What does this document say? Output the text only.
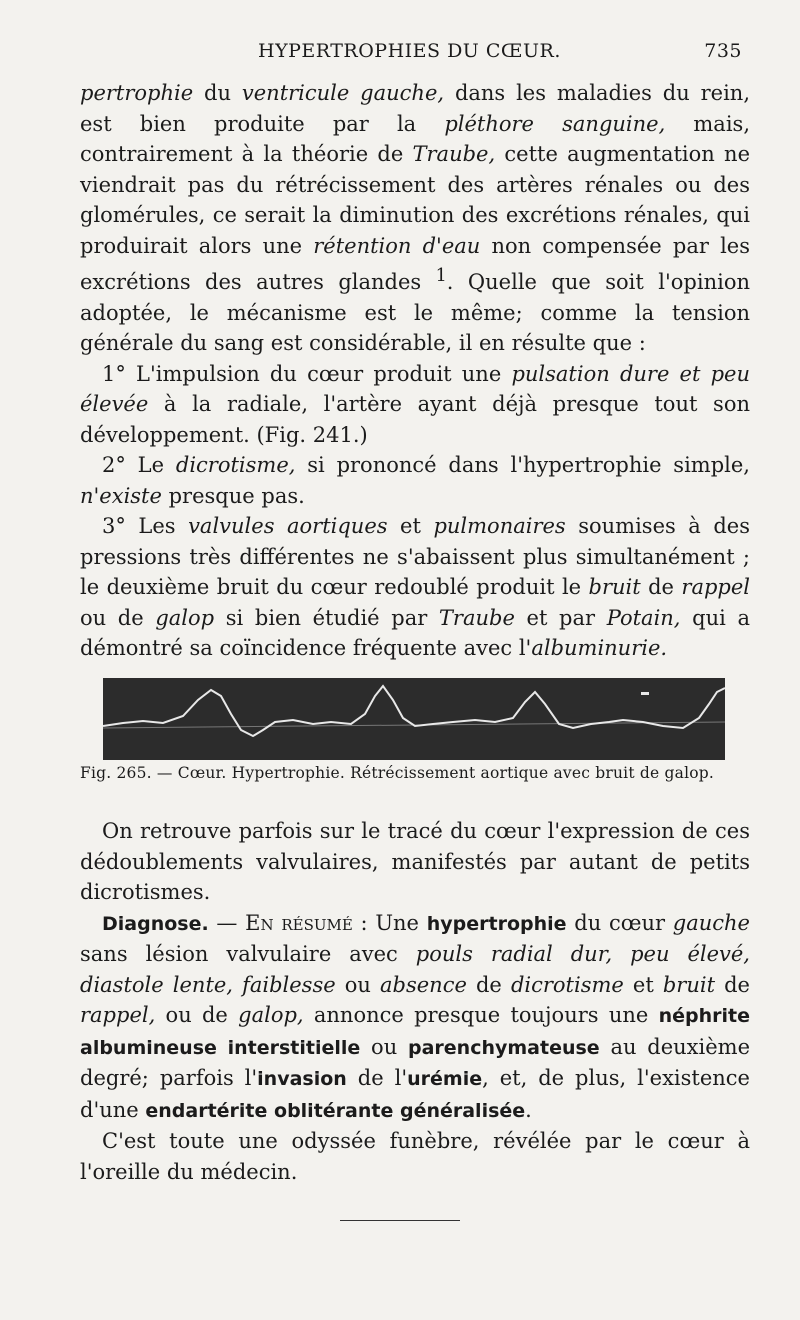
HYPERTROPHIES DU CŒUR.	735

pertrophie du ventricule gauche, dans les maladies du rein, est bien produite par la pléthore sanguine, mais, contrairement à la théorie de Traube, cette augmentation ne viendrait pas du rétrécissement des artères rénales ou des glomérules, ce serait la diminution des excrétions rénales, qui produirait alors une rétention d'eau non compensée par les excrétions des autres glandes $^1$. Quelle que soit l'opinion adoptée, le mécanisme est le même; comme la tension générale du sang est considérable, il en résulte que :

1° L'impulsion du cœur produit une pulsation dure et peu élevée à la radiale, l'artère ayant déjà presque tout son développement. (Fig. 241.)

2° Le dicrotisme, si prononcé dans l'hypertrophie simple, n'existe presque pas.

3° Les valvules aortiques et pulmonaires soumises à des pressions très différentes ne s'abaissent plus simultanément ; le deuxième bruit du cœur redoublé produit le bruit de rappel ou de galop si bien étudié par Traube et par Potain, qui a démontré sa coïncidence fréquente avec l'albuminurie.

Fig. 265. — Cœur. Hypertrophie. Rétrécissement aortique avec bruit de galop.

On retrouve parfois sur le tracé du cœur l'expression de ces dédoublements valvulaires, manifestés par autant de petits dicrotismes.

Diagnose. — En résumé : Une hypertrophie du cœur gauche sans lésion valvulaire avec pouls radial dur, peu élevé, diastole lente, faiblesse ou absence de dicrotisme et bruit de rappel, ou de galop, annonce presque toujours une néphrite albumineuse interstitielle ou parenchymateuse au deuxième degré; parfois l'invasion de l'urémie, et, de plus, l'existence d'une endartérite oblitérante généralisée.

C'est toute une odyssée funèbre, révélée par le cœur à l'oreille du médecin.
